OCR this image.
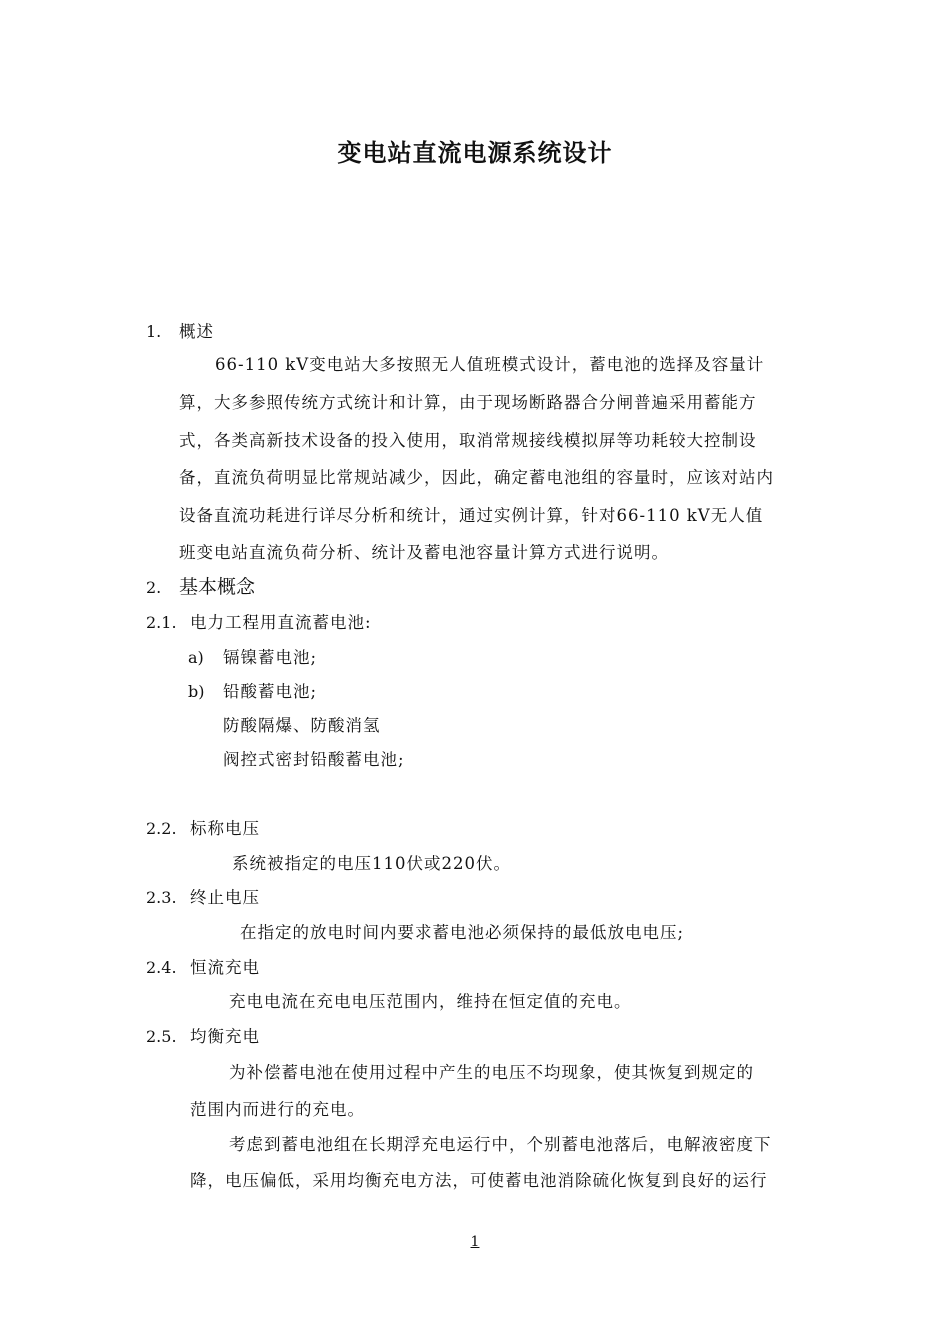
变电站直流电源系统设计
1. 概述
66-110 kV变电站大多按照无人值班模式设计，蓄电池的选择及容量计
算，大多参照传统方式统计和计算，由于现场断路器合分闸普遍采用蓄能方
式，各类高新技术设备的投入使用，取消常规接线模拟屏等功耗较大控制设
备，直流负荷明显比常规站减少，因此，确定蓄电池组的容量时，应该对站内
设备直流功耗进行详尽分析和统计，通过实例计算，针对66-110 kV无人值
班变电站直流负荷分析、统计及蓄电池容量计算方式进行说明。
2. 基本概念
2.1. 电力工程用直流蓄电池:
a) 镉镍蓄电池;
b) 铅酸蓄电池;
防酸隔爆、防酸消氢
阀控式密封铅酸蓄电池;
2.2. 标称电压
系统被指定的电压110伏或220伏。
2.3. 终止电压
在指定的放电时间内要求蓄电池必须保持的最低放电电压;
2.4. 恒流充电
充电电流在充电电压范围内，维持在恒定值的充电。
2.5. 均衡充电
为补偿蓄电池在使用过程中产生的电压不均现象，使其恢复到规定的
范围内而进行的充电。
考虑到蓄电池组在长期浮充电运行中，个别蓄电池落后，电解液密度下
降，电压偏低，采用均衡充电方法，可使蓄电池消除硫化恢复到良好的运行
1
